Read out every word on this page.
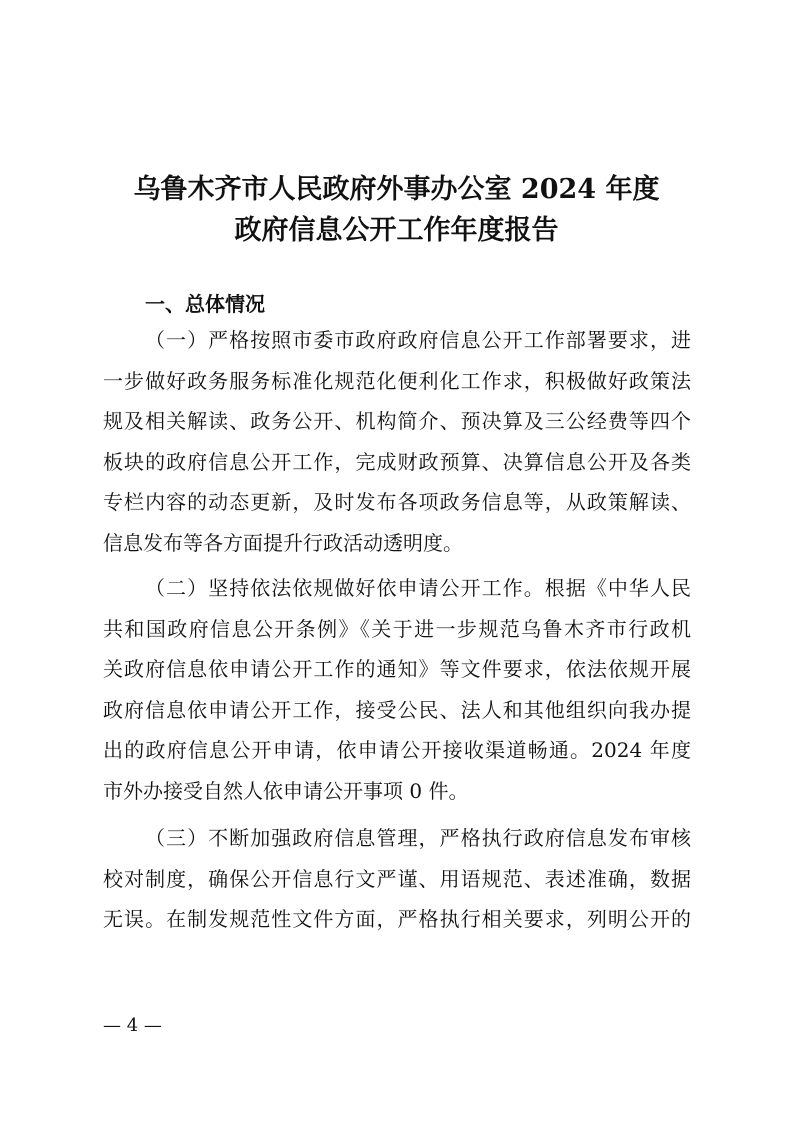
乌鲁木齐市人民政府外事办公室 2024 年度
政府信息公开工作年度报告
一、总体情况
（一）严格按照市委市政府政府信息公开工作部署要求，进
一步做好政务服务标准化规范化便利化工作求，积极做好政策法
规及相关解读、政务公开、机构简介、预决算及三公经费等四个
板块的政府信息公开工作，完成财政预算、决算信息公开及各类
专栏内容的动态更新，及时发布各项政务信息等，从政策解读、
信息发布等各方面提升行政活动透明度。
（二）坚持依法依规做好依申请公开工作。根据《中华人民
共和国政府信息公开条例》《关于进一步规范乌鲁木齐市行政机
关政府信息依申请公开工作的通知》等文件要求，依法依规开展
政府信息依申请公开工作，接受公民、法人和其他组织向我办提
出的政府信息公开申请，依申请公开接收渠道畅通。2024 年度
市外办接受自然人依申请公开事项 0 件。
（三）不断加强政府信息管理，严格执行政府信息发布审核
校对制度，确保公开信息行文严谨、用语规范、表述准确，数据
无误。在制发规范性文件方面，严格执行相关要求，列明公开的
— 4 —
